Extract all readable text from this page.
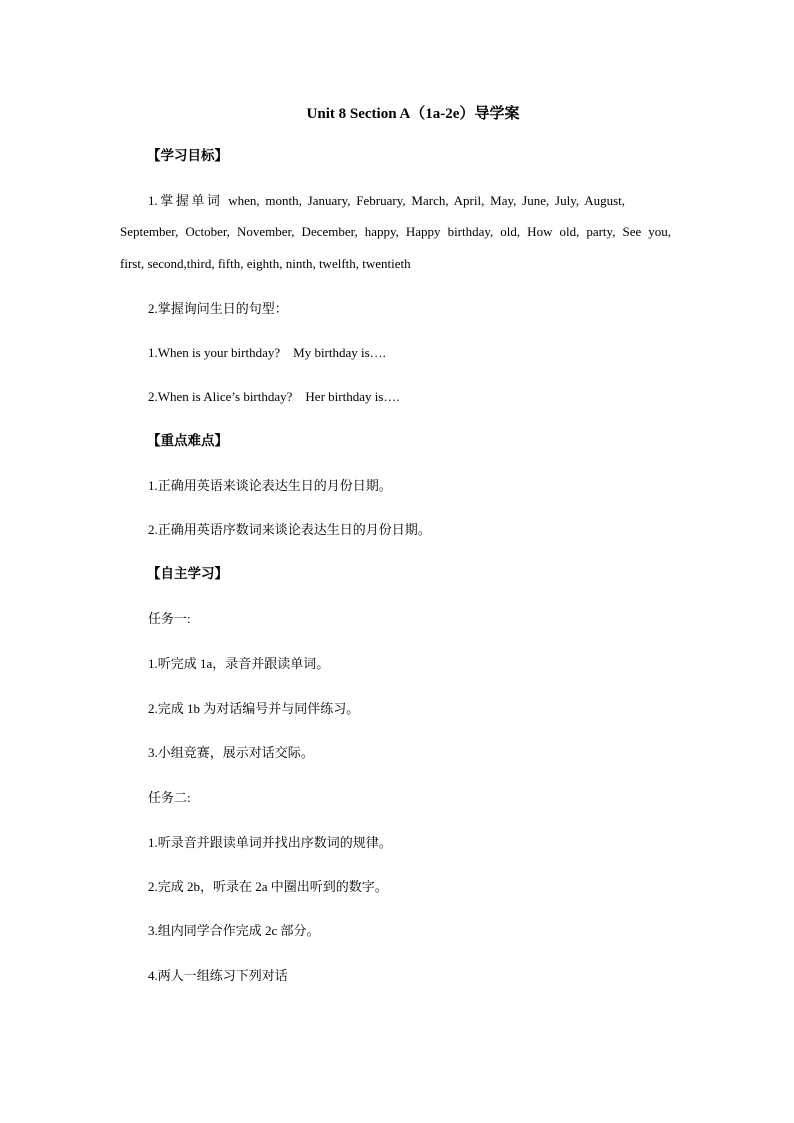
Unit 8 Section A（1a-2e）导学案
【学习目标】
1.掌握单词 when, month, January, February, March, April, May, June, July, August,
September, October, November, December, happy, Happy birthday, old, How old, party, See you,
first, second,third, fifth, eighth, ninth, twelfth, twentieth
2.掌握询问生日的句型：
1.When is your birthday?    My birthday is….
2.When is Alice’s birthday?    Her birthday is….
【重点难点】
1.正确用英语来谈论表达生日的月份日期。
2.正确用英语序数词来谈论表达生日的月份日期。
【自主学习】
任务一:
1.听完成 1a，录音并跟读单词。
2.完成 1b 为对话编号并与同伴练习。
3.小组竞赛，展示对话交际。
任务二:
1.听录音并跟读单词并找出序数词的规律。
2.完成 2b，听录在 2a 中圈出听到的数字。
3.组内同学合作完成 2c 部分。
4.两人一组练习下列对话
